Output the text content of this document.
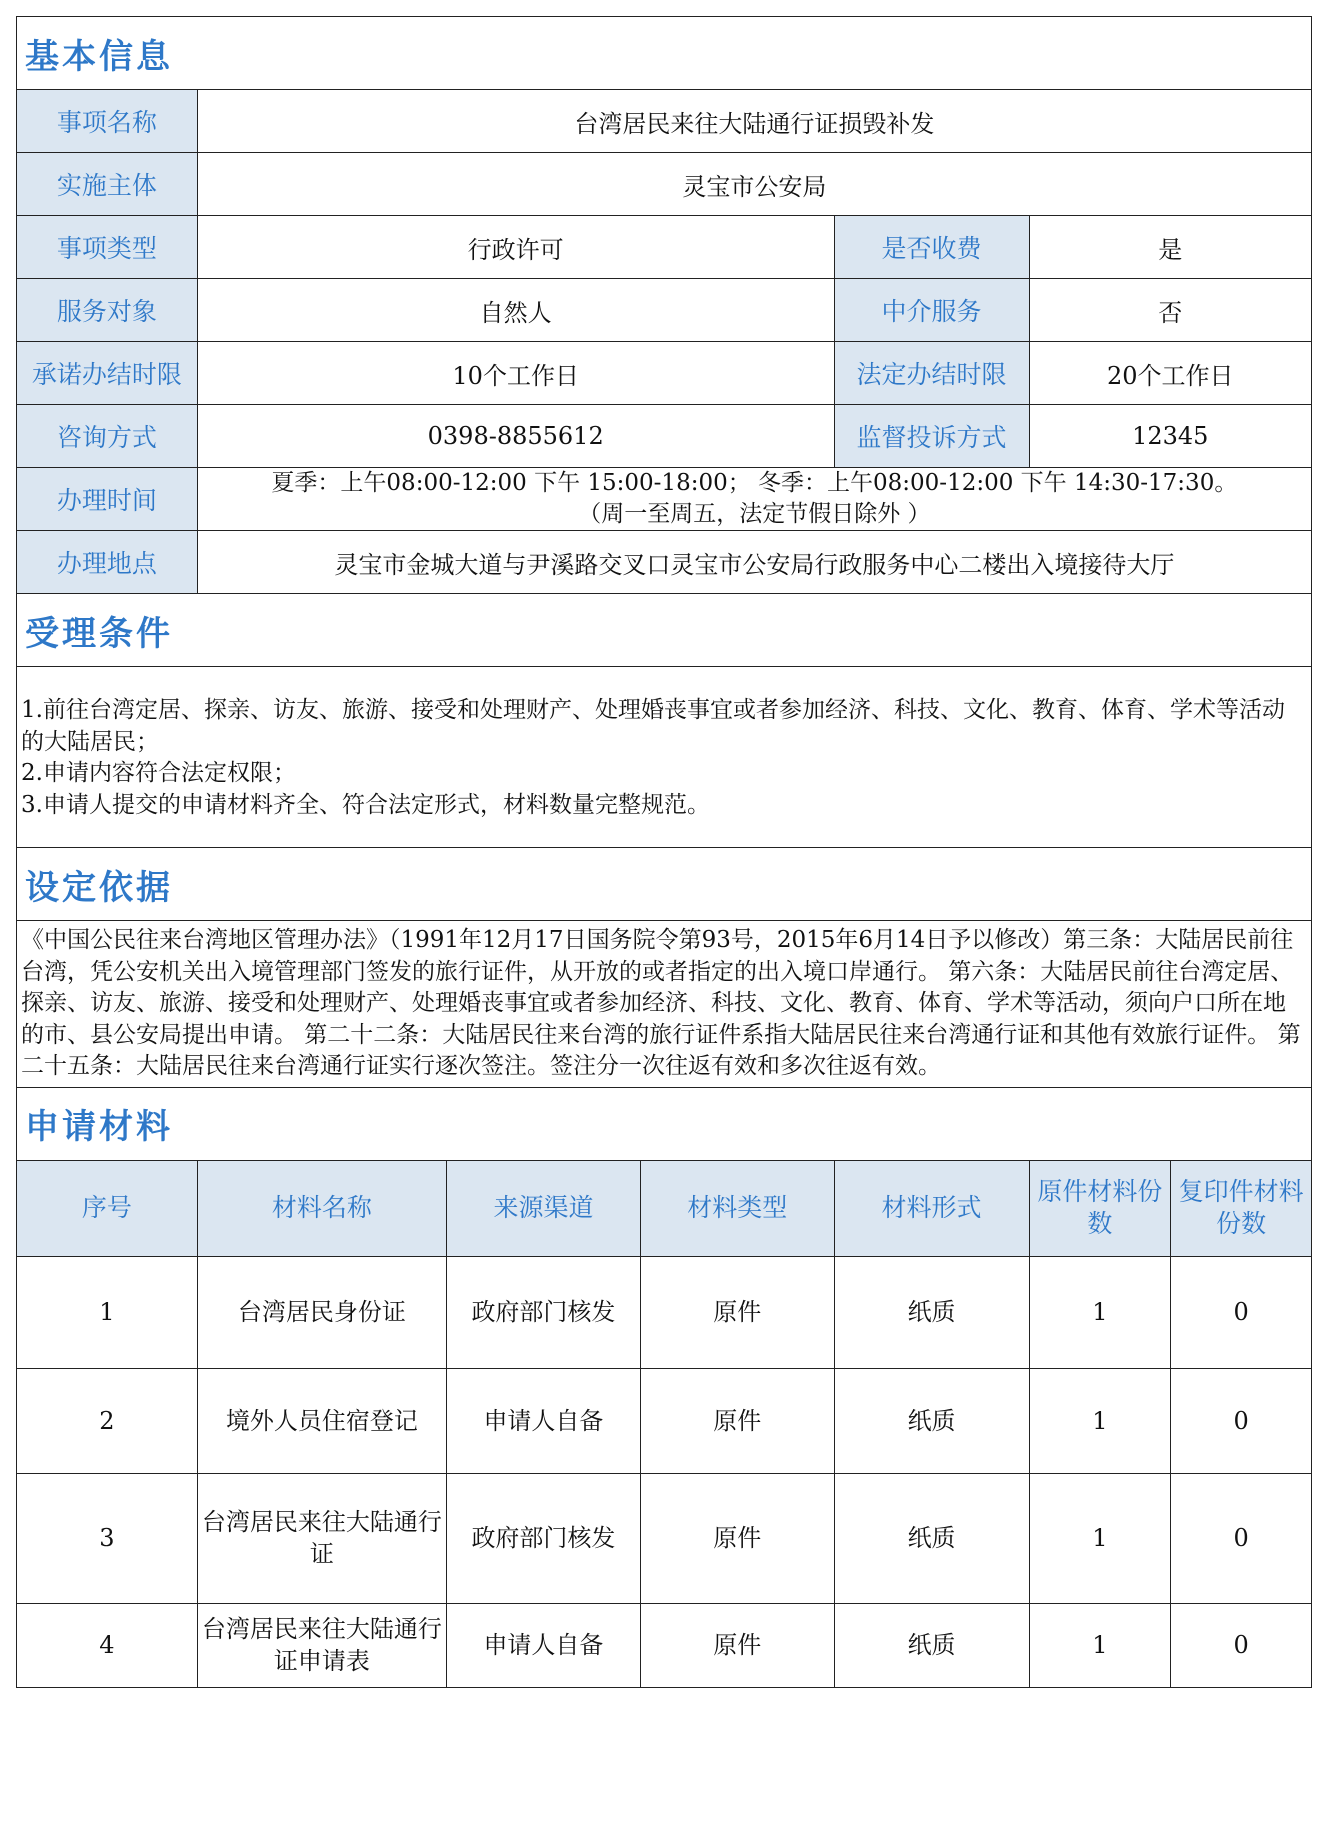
基本信息						
事项名称	台湾居民来往大陆通行证损毁补发					
实施主体	灵宝市公安局					
事项类型	行政许可			是否收费	是	
服务对象	自然人			中介服务	否	
承诺办结时限	10个工作日			法定办结时限	20个工作日	
咨询方式	0398-8855612			监督投诉方式	12345	
办理时间	夏季：上午08:00-12:00 下午 15:00-18:00； 冬季：上午08:00-12:00 下午 14:30-17:30。
（周一至周五，法定节假日除外 ）					

办理地点	灵宝市金城大道与尹溪路交叉口灵宝市公安局行政服务中心二楼出入境接待大厅					
受理条件						

1.前往台湾定居、探亲、访友、旅游、接受和处理财产、处理婚丧事宜或者参加经济、科技、文化、教育、体育、学术等活动的大陆居民；

2.申请内容符合法定权限；

3.申请人提交的申请材料齐全、符合法定形式，材料数量完整规范。						

设定依据						
《中国公民往来台湾地区管理办法》（1991年12月17日国务院令第93号，2015年6月14日予以修改）第三条：大陆居民前往台湾，凭公安机关出入境管理部门签发的旅行证件，从开放的或者指定的出入境口岸通行。 第六条：大陆居民前往台湾定居、探亲、访友、旅游、接受和处理财产、处理婚丧事宜或者参加经济、科技、文化、教育、体育、学术等活动，须向户口所在地的市、县公安局提出申请。 第二十二条：大陆居民往来台湾的旅行证件系指大陆居民往来台湾通行证和其他有效旅行证件。 第二十五条：大陆居民往来台湾通行证实行逐次签注。签注分一次往返有效和多次往返有效。						
申请材料						
序号	材料名称	来源渠道	材料类型	材料形式	原件材料份数	复印件材料份数
1	台湾居民身份证	政府部门核发	原件	纸质	1	0
2	境外人员住宿登记	申请人自备	原件	纸质	1	0
3	台湾居民来往大陆通行证	政府部门核发	原件	纸质	1	0
4	台湾居民来往大陆通行证申请表	申请人自备	原件	纸质	1	0
